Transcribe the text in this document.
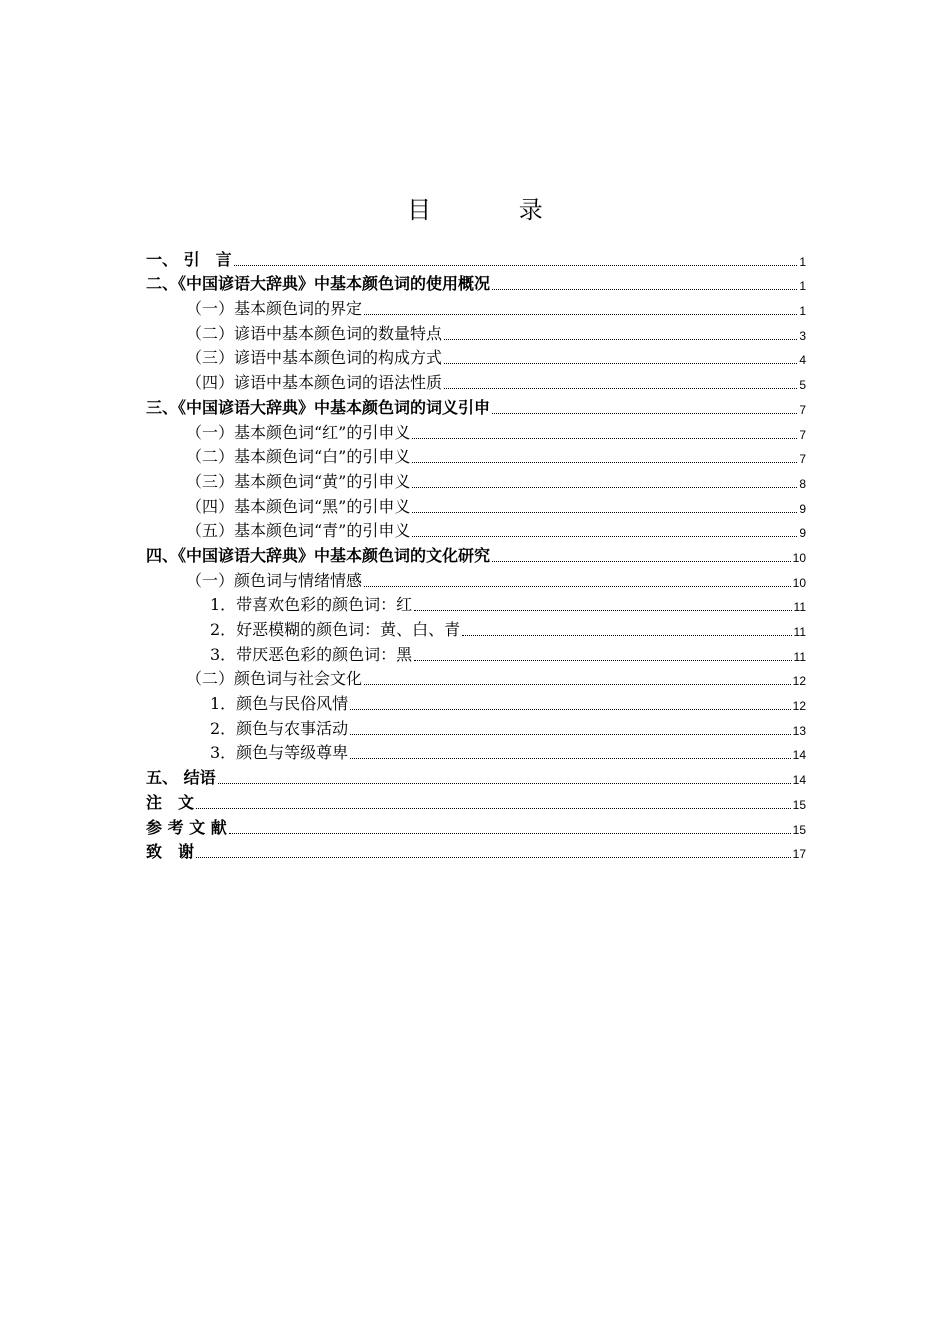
目 录
一、 引　言	1
二、《中国谚语大辞典》中基本颜色词的使用概况	1
（一）基本颜色词的界定	1
（二）谚语中基本颜色词的数量特点	3
（三）谚语中基本颜色词的构成方式	4
（四）谚语中基本颜色词的语法性质	5
三、《中国谚语大辞典》中基本颜色词的词义引申	7
（一）基本颜色词“红”的引申义	7
（二）基本颜色词“白”的引申义	7
（三）基本颜色词“黄”的引申义	8
（四）基本颜色词“黑”的引申义	9
（五）基本颜色词“青”的引申义	9
四、《中国谚语大辞典》中基本颜色词的文化研究	10
（一）颜色词与情绪情感	10
1．带喜欢色彩的颜色词：红	11
2．好恶模糊的颜色词：黄、白、青	11
3．带厌恶色彩的颜色词：黑	11
（二）颜色词与社会文化	12
1．颜色与民俗风情	12
2．颜色与农事活动	13
3．颜色与等级尊卑	14
五、 结语	14
注　文	15
参 考 文 献	15
致　谢	17
